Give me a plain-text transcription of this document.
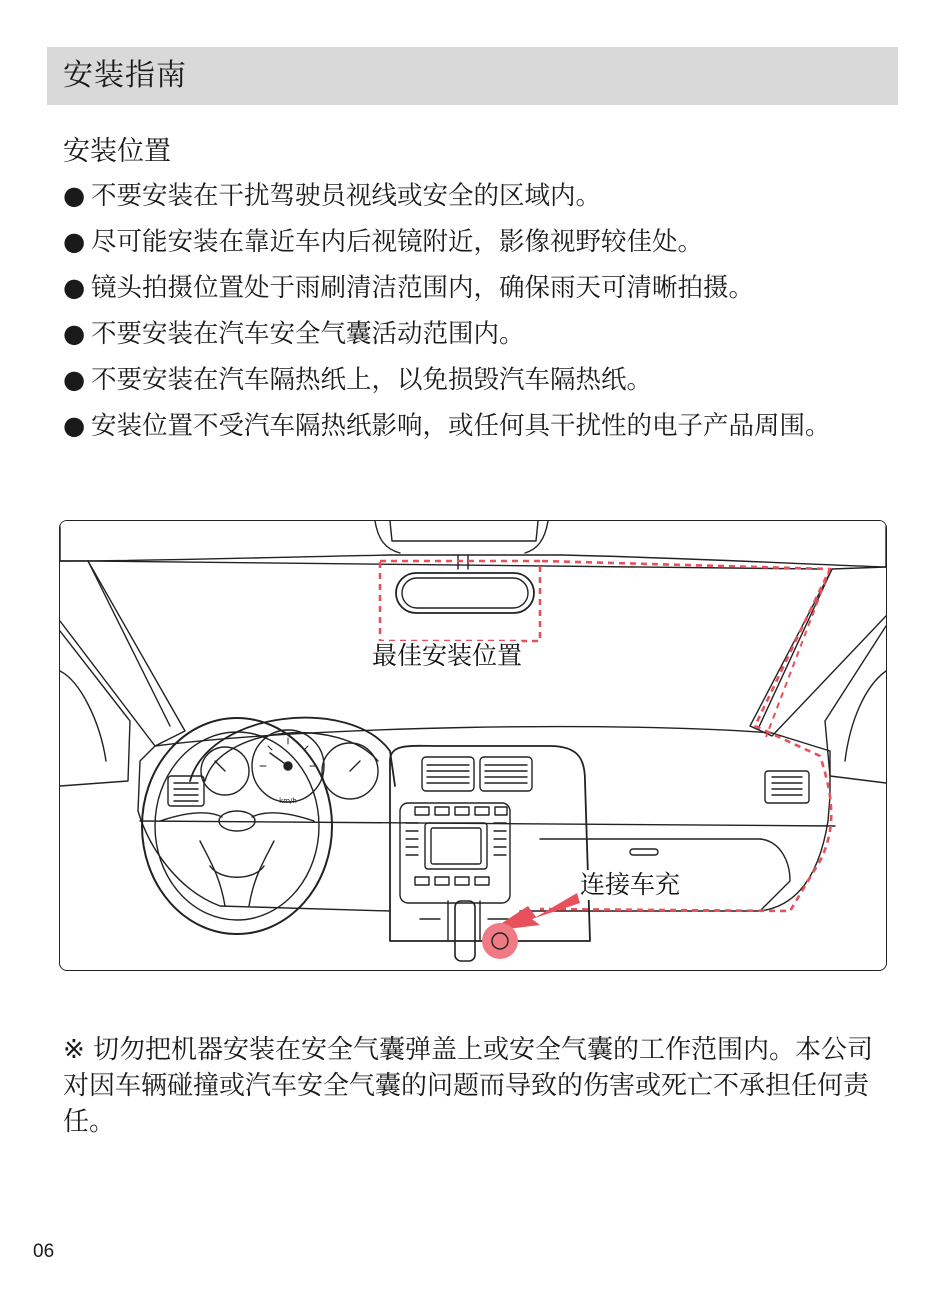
安装指南
安装位置
● 不要安装在干扰驾驶员视线或安全的区域内。
● 尽可能安装在靠近车内后视镜附近，影像视野较佳处。
● 镜头拍摄位置处于雨刷清洁范围内，确保雨天可清晰拍摄。
● 不要安装在汽车安全气囊活动范围内。
● 不要安装在汽车隔热纸上，以免损毁汽车隔热纸。
● 安装位置不受汽车隔热纸影响，或任何具干扰性的电子产品周围。
km/h
最佳安装位置
连接车充
※ 切勿把机器安装在安全气囊弹盖上或安全气囊的工作范围内。本公司对因车辆碰撞或汽车安全气囊的问题而导致的伤害或死亡不承担任何责任。
06
